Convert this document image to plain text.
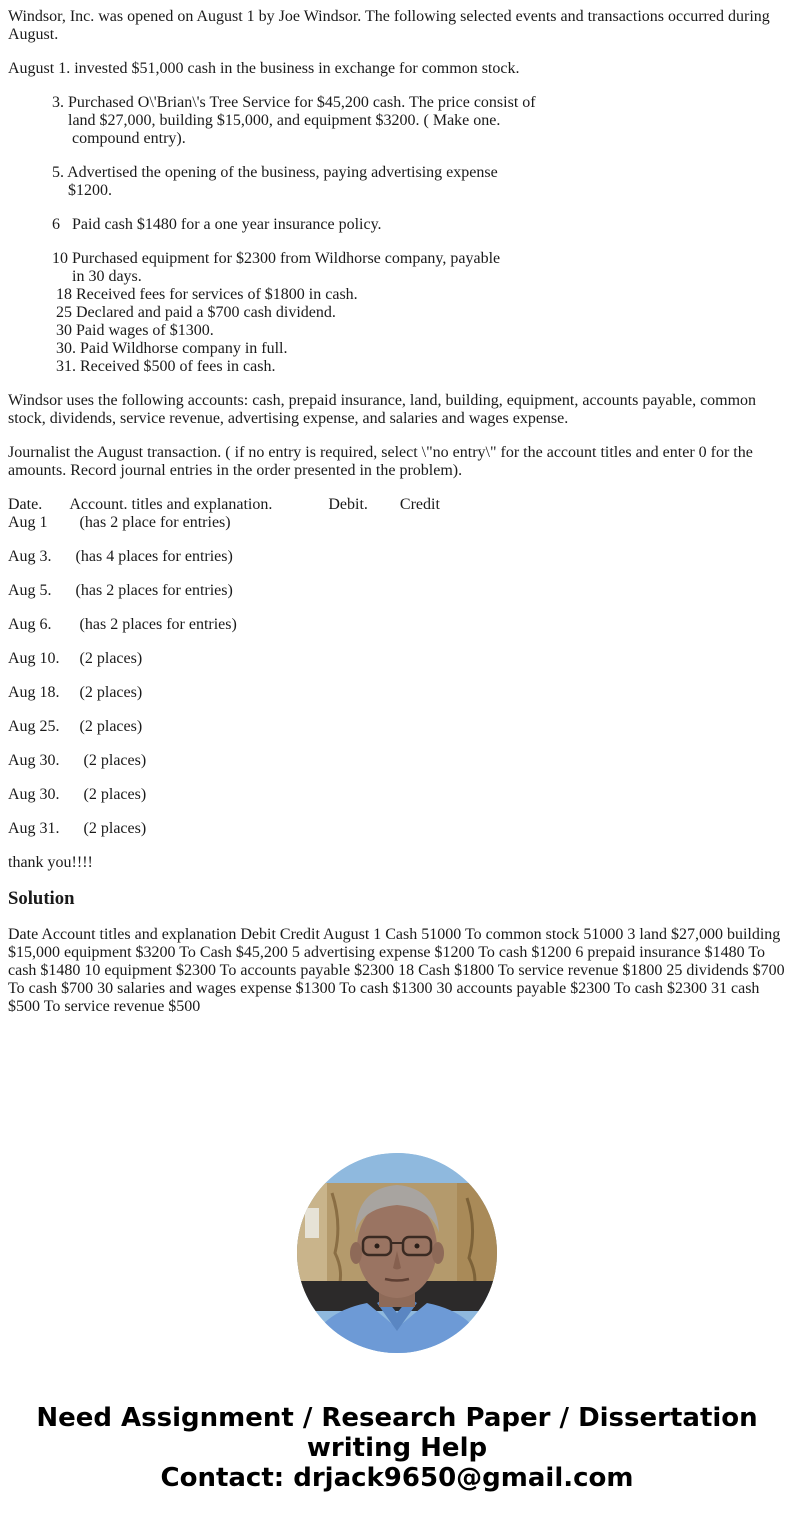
Windsor, Inc. was opened on August 1 by Joe Windsor. The following selected events and transactions occurred during August.

August 1. invested $51,000 cash in the business in exchange for common stock.

3. Purchased O\'Brian\'s Tree Service for $45,200 cash. The price consist of
land $27,000, building $15,000, and equipment $3200. ( Make one.
compound entry).
5. Advertised the opening of the business, paying advertising expense
$1200.
6   Paid cash $1480 for a one year insurance policy.
10 Purchased equipment for $2300 from Wildhorse company, payable
in 30 days.
18 Received fees for services of $1800 in cash.
25 Declared and paid a $700 cash dividend.
30 Paid wages of $1300.
30. Paid Wildhorse company in full.
31. Received $500 of fees in cash.

Windsor uses the following accounts: cash, prepaid insurance, land, building, equipment, accounts payable, common stock, dividends, service revenue, advertising expense, and salaries and wages expense.

Journalist the August transaction. ( if no entry is required, select \"no entry\" for the account titles and enter 0 for the amounts. Record journal entries in the order presented in the problem).

Date.       Account. titles and explanation.              Debit.        Credit
Aug 1        (has 2 place for entries)
Aug 3.      (has 4 places for entries)
Aug 5.      (has 2 places for entries)
Aug 6.       (has 2 places for entries)
Aug 10.     (2 places)
Aug 18.     (2 places)
Aug 25.     (2 places)
Aug 30.      (2 places)
Aug 30.      (2 places)
Aug 31.      (2 places)

thank you!!!!

Solution

Date Account titles and explanation Debit Credit August 1 Cash 51000 To common stock 51000 3 land $27,000 building $15,000 equipment $3200 To Cash $45,200 5 advertising expense $1200 To cash $1200 6 prepaid insurance $1480 To cash $1480 10 equipment $2300 To accounts payable $2300 18 Cash $1800 To service revenue $1800 25 dividends $700 To cash $700 30 salaries and wages expense $1300 To cash $1300 30 accounts payable $2300 To cash $2300 31 cash $500 To service revenue $500

Need Assignment / Research Paper / Dissertation
writing Help
Contact: drjack9650@gmail.com
